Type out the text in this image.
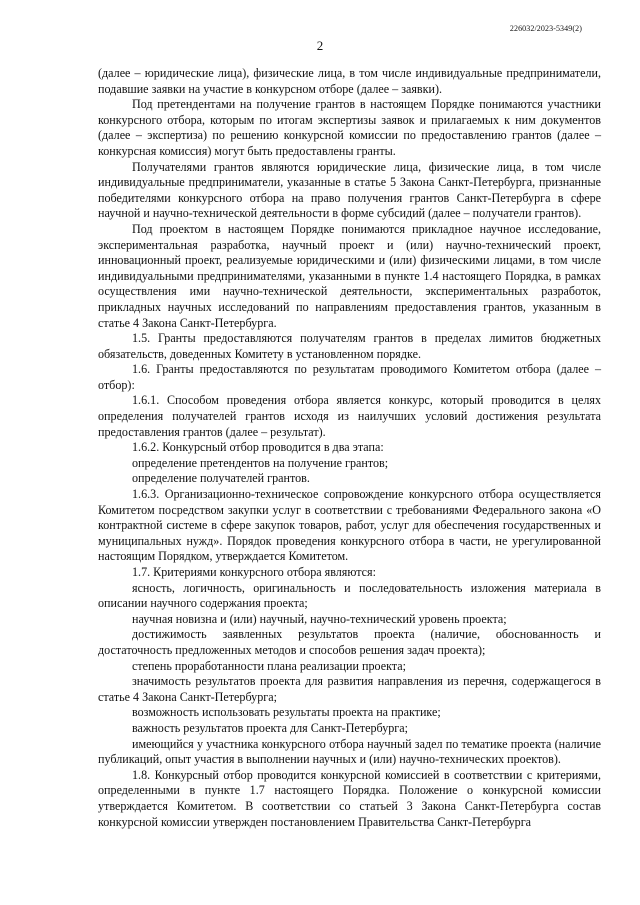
226032/2023-5349(2)
2

(далее – юридические лица), физические лица, в том числе индивидуальные предприниматели, подавшие заявки на участие в конкурсном отборе (далее – заявки).

Под претендентами на получение грантов в настоящем Порядке понимаются участники конкурсного отбора, которым по итогам экспертизы заявок и прилагаемых к ним документов (далее – экспертиза) по решению конкурсной комиссии по предоставлению грантов (далее – конкурсная комиссия) могут быть предоставлены гранты.

Получателями грантов являются юридические лица, физические лица, в том числе индивидуальные предприниматели, указанные в статье 5 Закона Санкт-Петербурга, признанные победителями конкурсного отбора на право получения грантов Санкт-Петербурга в сфере научной и научно-технической деятельности в форме субсидий (далее – получатели грантов).

Под проектом в настоящем Порядке понимаются прикладное научное исследование, экспериментальная разработка, научный проект и (или) научно-технический проект, инновационный проект, реализуемые юридическими и (или) физическими лицами, в том числе индивидуальными предпринимателями, указанными в пункте 1.4 настоящего Порядка, в рамках осуществления ими научно-технической деятельности, экспериментальных разработок, прикладных научных исследований по направлениям предоставления грантов, указанным в статье 4 Закона Санкт-Петербурга.

1.5. Гранты предоставляются получателям грантов в пределах лимитов бюджетных обязательств, доведенных Комитету в установленном порядке.

1.6. Гранты предоставляются по результатам проводимого Комитетом отбора (далее – отбор):

1.6.1. Способом проведения отбора является конкурс, который проводится в целях определения получателей грантов исходя из наилучших условий достижения результата предоставления грантов (далее – результат).

1.6.2. Конкурсный отбор проводится в два этапа:

определение претендентов на получение грантов;

определение получателей грантов.

1.6.3. Организационно-техническое сопровождение конкурсного отбора осуществляется Комитетом посредством закупки услуг в соответствии с требованиями Федерального закона «О контрактной системе в сфере закупок товаров, работ, услуг для обеспечения государственных и муниципальных нужд». Порядок проведения конкурсного отбора в части, не урегулированной настоящим Порядком, утверждается Комитетом.

1.7. Критериями конкурсного отбора являются:

ясность, логичность, оригинальность и последовательность изложения материала в описании научного содержания проекта;

научная новизна и (или) научный, научно-технический уровень проекта;

достижимость заявленных результатов проекта (наличие, обоснованность и достаточность предложенных методов и способов решения задач проекта);

степень проработанности плана реализации проекта;

значимость результатов проекта для развития направления из перечня, содержащегося в статье 4 Закона Санкт-Петербурга;

возможность использовать результаты проекта на практике;

важность результатов проекта для Санкт-Петербурга;

имеющийся у участника конкурсного отбора научный задел по тематике проекта (наличие публикаций, опыт участия в выполнении научных и (или) научно-технических проектов).

1.8. Конкурсный отбор проводится конкурсной комиссией в соответствии с критериями, определенными в пункте 1.7 настоящего Порядка. Положение о конкурсной комиссии утверждается Комитетом. В соответствии со статьей 3 Закона Санкт-Петербурга состав конкурсной комиссии утвержден постановлением Правительства Санкт-Петербурга
